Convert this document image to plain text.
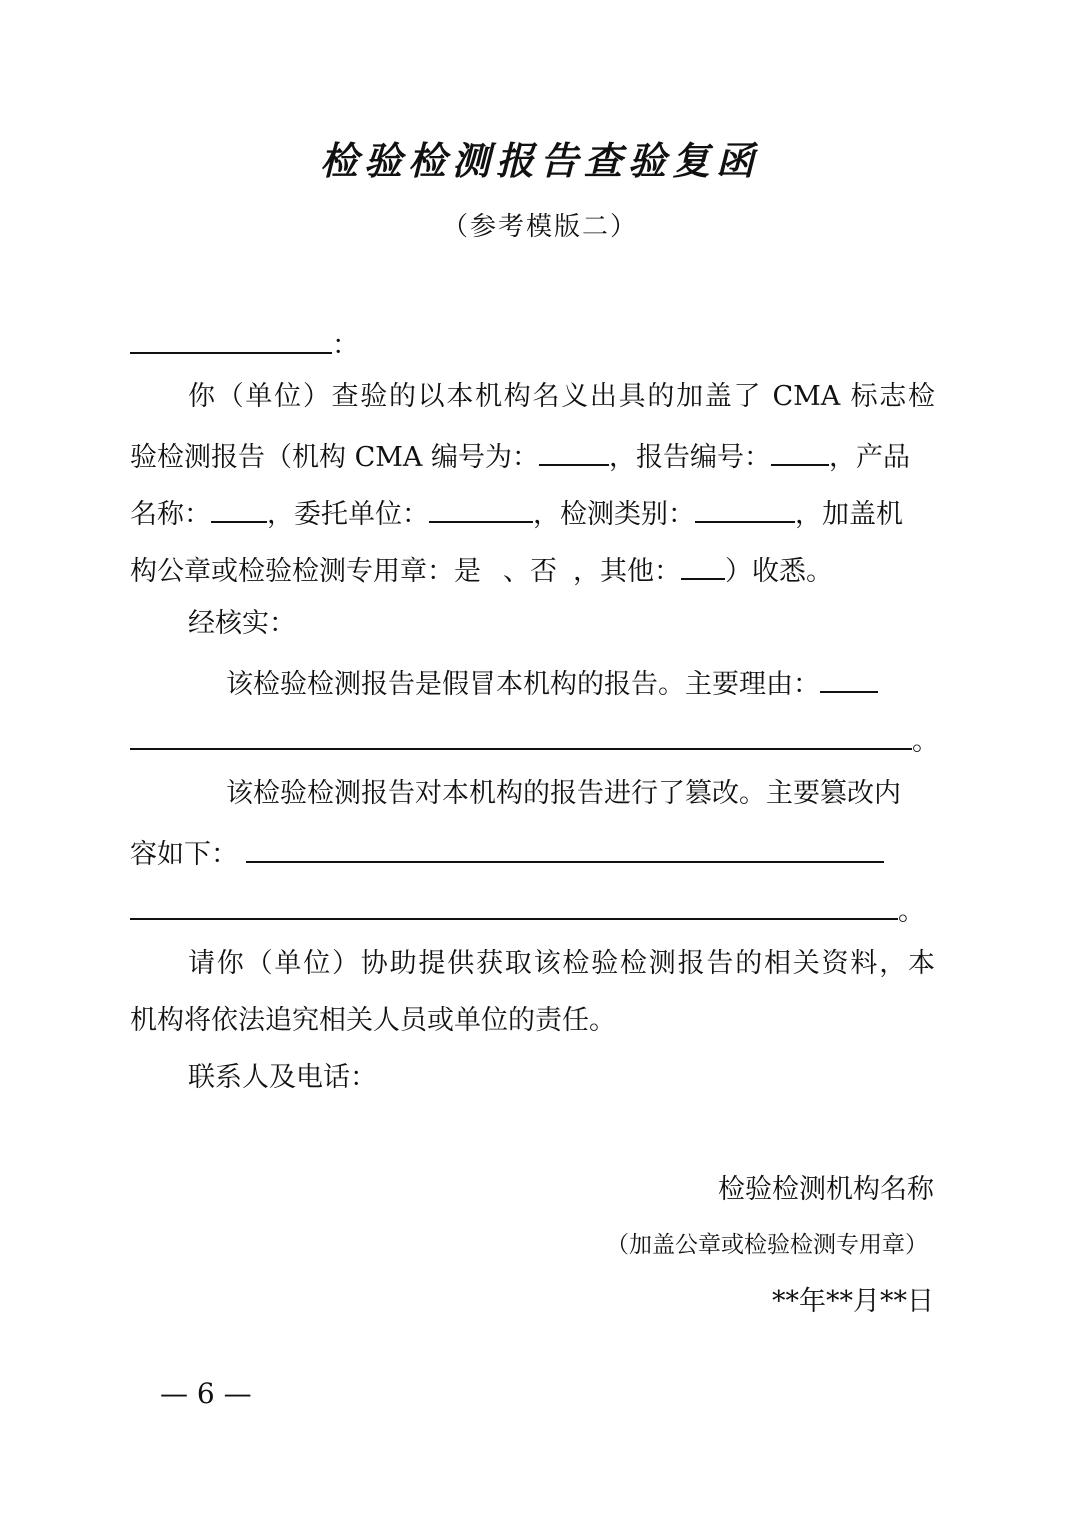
检验检测报告查验复函
（参考模版二）
：
你（单位）查验的以本机构名义出具的加盖了 CMA 标志检
验检测报告（机构 CMA 编号为：	，报告编号： ，产品
名称： ，委托单位：	，检测类别：	，加盖机
构公章或检验检测专用章：是 、否 ，其他： ）收悉。
经核实：
该检验检测报告是假冒本机构的报告。主要理由：
。
该检验检测报告对本机构的报告进行了篡改。主要篡改内
容如下：
。
请你（单位）协助提供获取该检验检测报告的相关资料，本
机构将依法追究相关人员或单位的责任。
联系人及电话：
检验检测机构名称
（加盖公章或检验检测专用章）
**年**月**日
— 6 —
